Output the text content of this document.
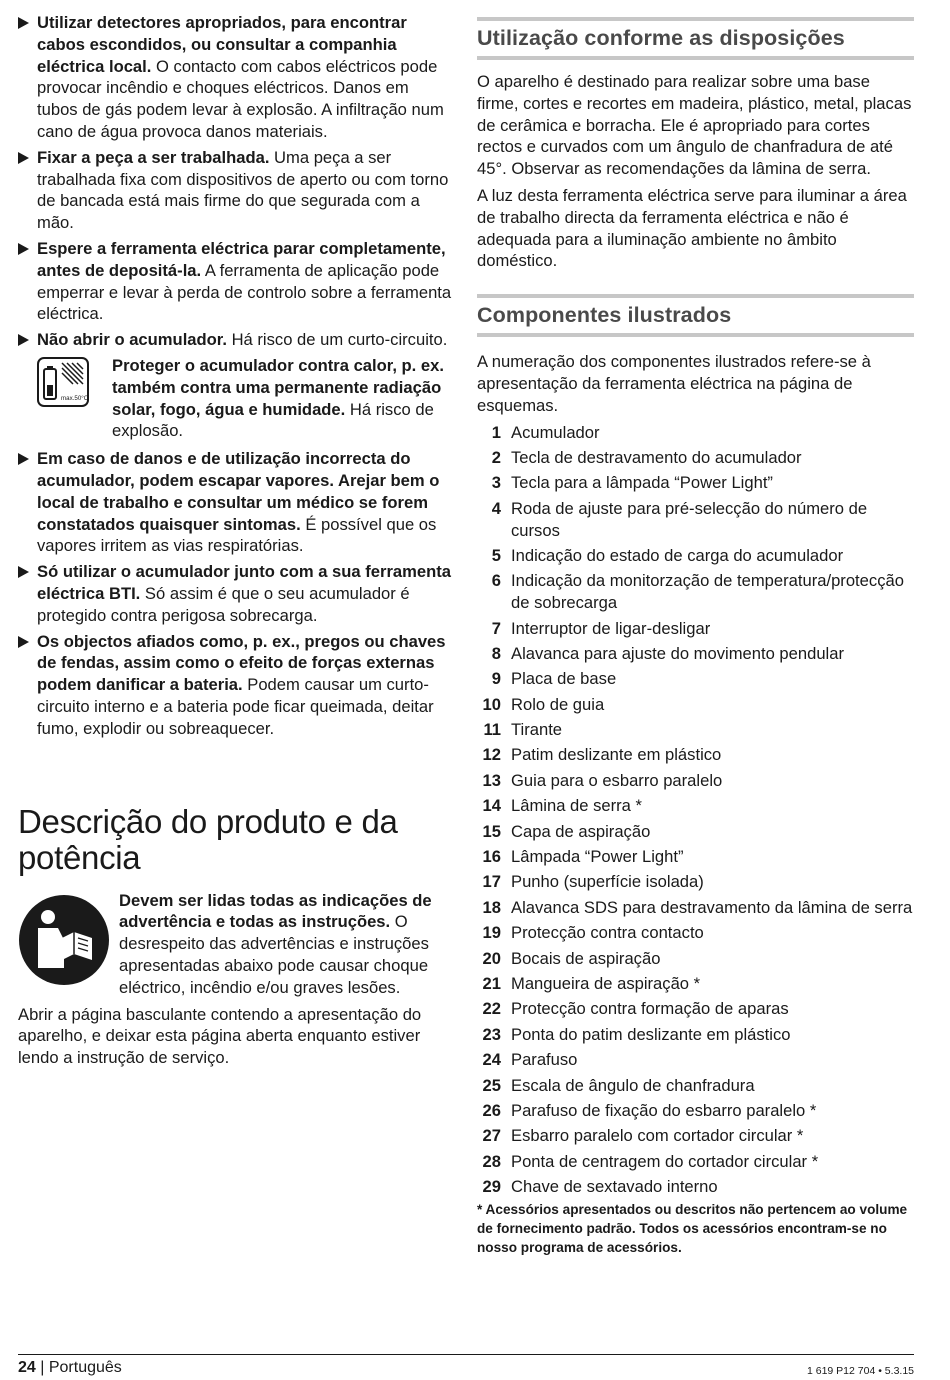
Utilizar detectores apropriados, para encontrar cabos escondidos, ou consultar a companhia eléctrica local. O contacto com cabos eléctricos pode provocar incêndio e choques eléctricos. Danos em tubos de gás podem levar à explosão. A infiltração num cano de água provoca danos materiais.
Fixar a peça a ser trabalhada. Uma peça a ser trabalhada fixa com dispositivos de aperto ou com torno de bancada está mais firme do que segurada com a mão.
Espere a ferramenta eléctrica parar completamente, antes de depositá-la. A ferramenta de aplicação pode emperrar e levar à perda de controlo sobre a ferramenta eléctrica.
Não abrir o acumulador. Há risco de um curto-circuito.
max.50°C
Proteger o acumulador contra calor, p. ex. também contra uma permanente radiação solar, fogo, água e humidade. Há risco de explosão.
Em caso de danos e de utilização incorrecta do acumulador, podem escapar vapores. Arejar bem o local de trabalho e consultar um médico se forem constatados quaisquer sintomas. É possível que os vapores irritem as vias respiratórias.
Só utilizar o acumulador junto com a sua ferramenta eléctrica BTI. Só assim é que o seu acumulador é protegido contra perigosa sobrecarga.
Os objectos afiados como, p. ex., pregos ou chaves de fendas, assim como o efeito de forças externas podem danificar a bateria. Podem causar um curto-circuito interno e a bateria pode ficar queimada, deitar fumo, explodir ou sobreaquecer.
Descrição do produto e da potência
Devem ser lidas todas as indicações de advertência e todas as instruções. O desrespeito das advertências e instruções apresentadas abaixo pode causar choque eléctrico, incêndio e/ou graves lesões.

Abrir a página basculante contendo a apresentação do aparelho, e deixar esta página aberta enquanto estiver lendo a instrução de serviço.

Utilização conforme as disposições

O aparelho é destinado para realizar sobre uma base firme, cortes e recortes em madeira, plástico, metal, placas de cerâmica e borracha. Ele é apropriado para cortes rectos e curvados com um ângulo de chanfradura de até 45°. Observar as recomendações da lâmina de serra.

A luz desta ferramenta eléctrica serve para iluminar a área de trabalho directa da ferramenta eléctrica e não é adequada para a iluminação ambiente no âmbito doméstico.

Componentes ilustrados

A numeração dos componentes ilustrados refere-se à apresentação da ferramenta eléctrica na página de esquemas.

1 Acumulador
2 Tecla de destravamento do acumulador
3 Tecla para a lâmpada “Power Light”
4 Roda de ajuste para pré-selecção do número de cursos
5 Indicação do estado de carga do acumulador
6 Indicação da monitorzação de temperatura/protecção de sobrecarga
7 Interruptor de ligar-desligar
8 Alavanca para ajuste do movimento pendular
9 Placa de base
10 Rolo de guia
11 Tirante
12 Patim deslizante em plástico
13 Guia para o esbarro paralelo
14 Lâmina de serra *
15 Capa de aspiração
16 Lâmpada “Power Light”
17 Punho (superfície isolada)
18 Alavanca SDS para destravamento da lâmina de serra
19 Protecção contra contacto
20 Bocais de aspiração
21 Mangueira de aspiração *
22 Protecção contra formação de aparas
23 Ponta do patim deslizante em plástico
24 Parafuso
25 Escala de ângulo de chanfradura
26 Parafuso de fixação do esbarro paralelo *
27 Esbarro paralelo com cortador circular *
28 Ponta de centragem do cortador circular *
29 Chave de sextavado interno

* Acessórios apresentados ou descritos não pertencem ao volume de fornecimento padrão. Todos os acessórios encontram-se no nosso programa de acessórios.

24 | Português	1 619 P12 704 • 5.3.15
